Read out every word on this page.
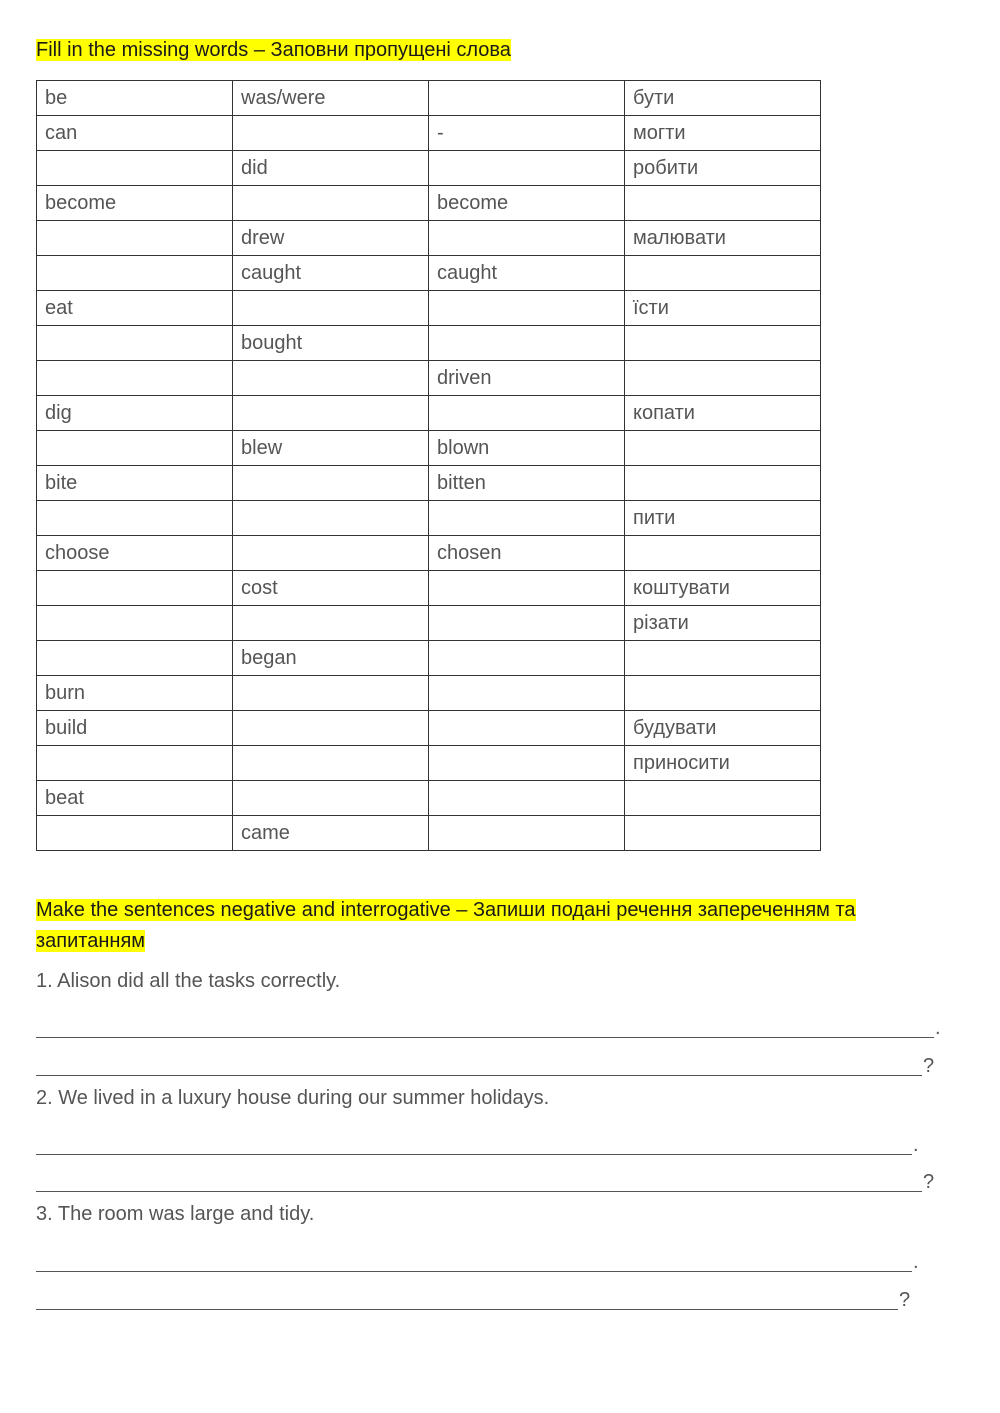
Fill in the missing words – Заповни пропущені слова

be	was/were		бути
can		-	могти
	did		робити
become		become	
	drew		малювати
	caught	caught	
eat			їсти
	bought		
		driven	
dig			копати
	blew	blown	
bite		bitten	
			пити
choose		chosen	
	cost		коштувати
			різати
	began		
burn			
build			будувати
			приносити
beat			
	came		

Make the sentences negative and interrogative – Запиши подані речення запереченням та запитанням

1. Alison did all the tasks correctly.

.
?

2. We lived in a luxury house during our summer holidays.

.
?

3. The room was large and tidy.

.
?
